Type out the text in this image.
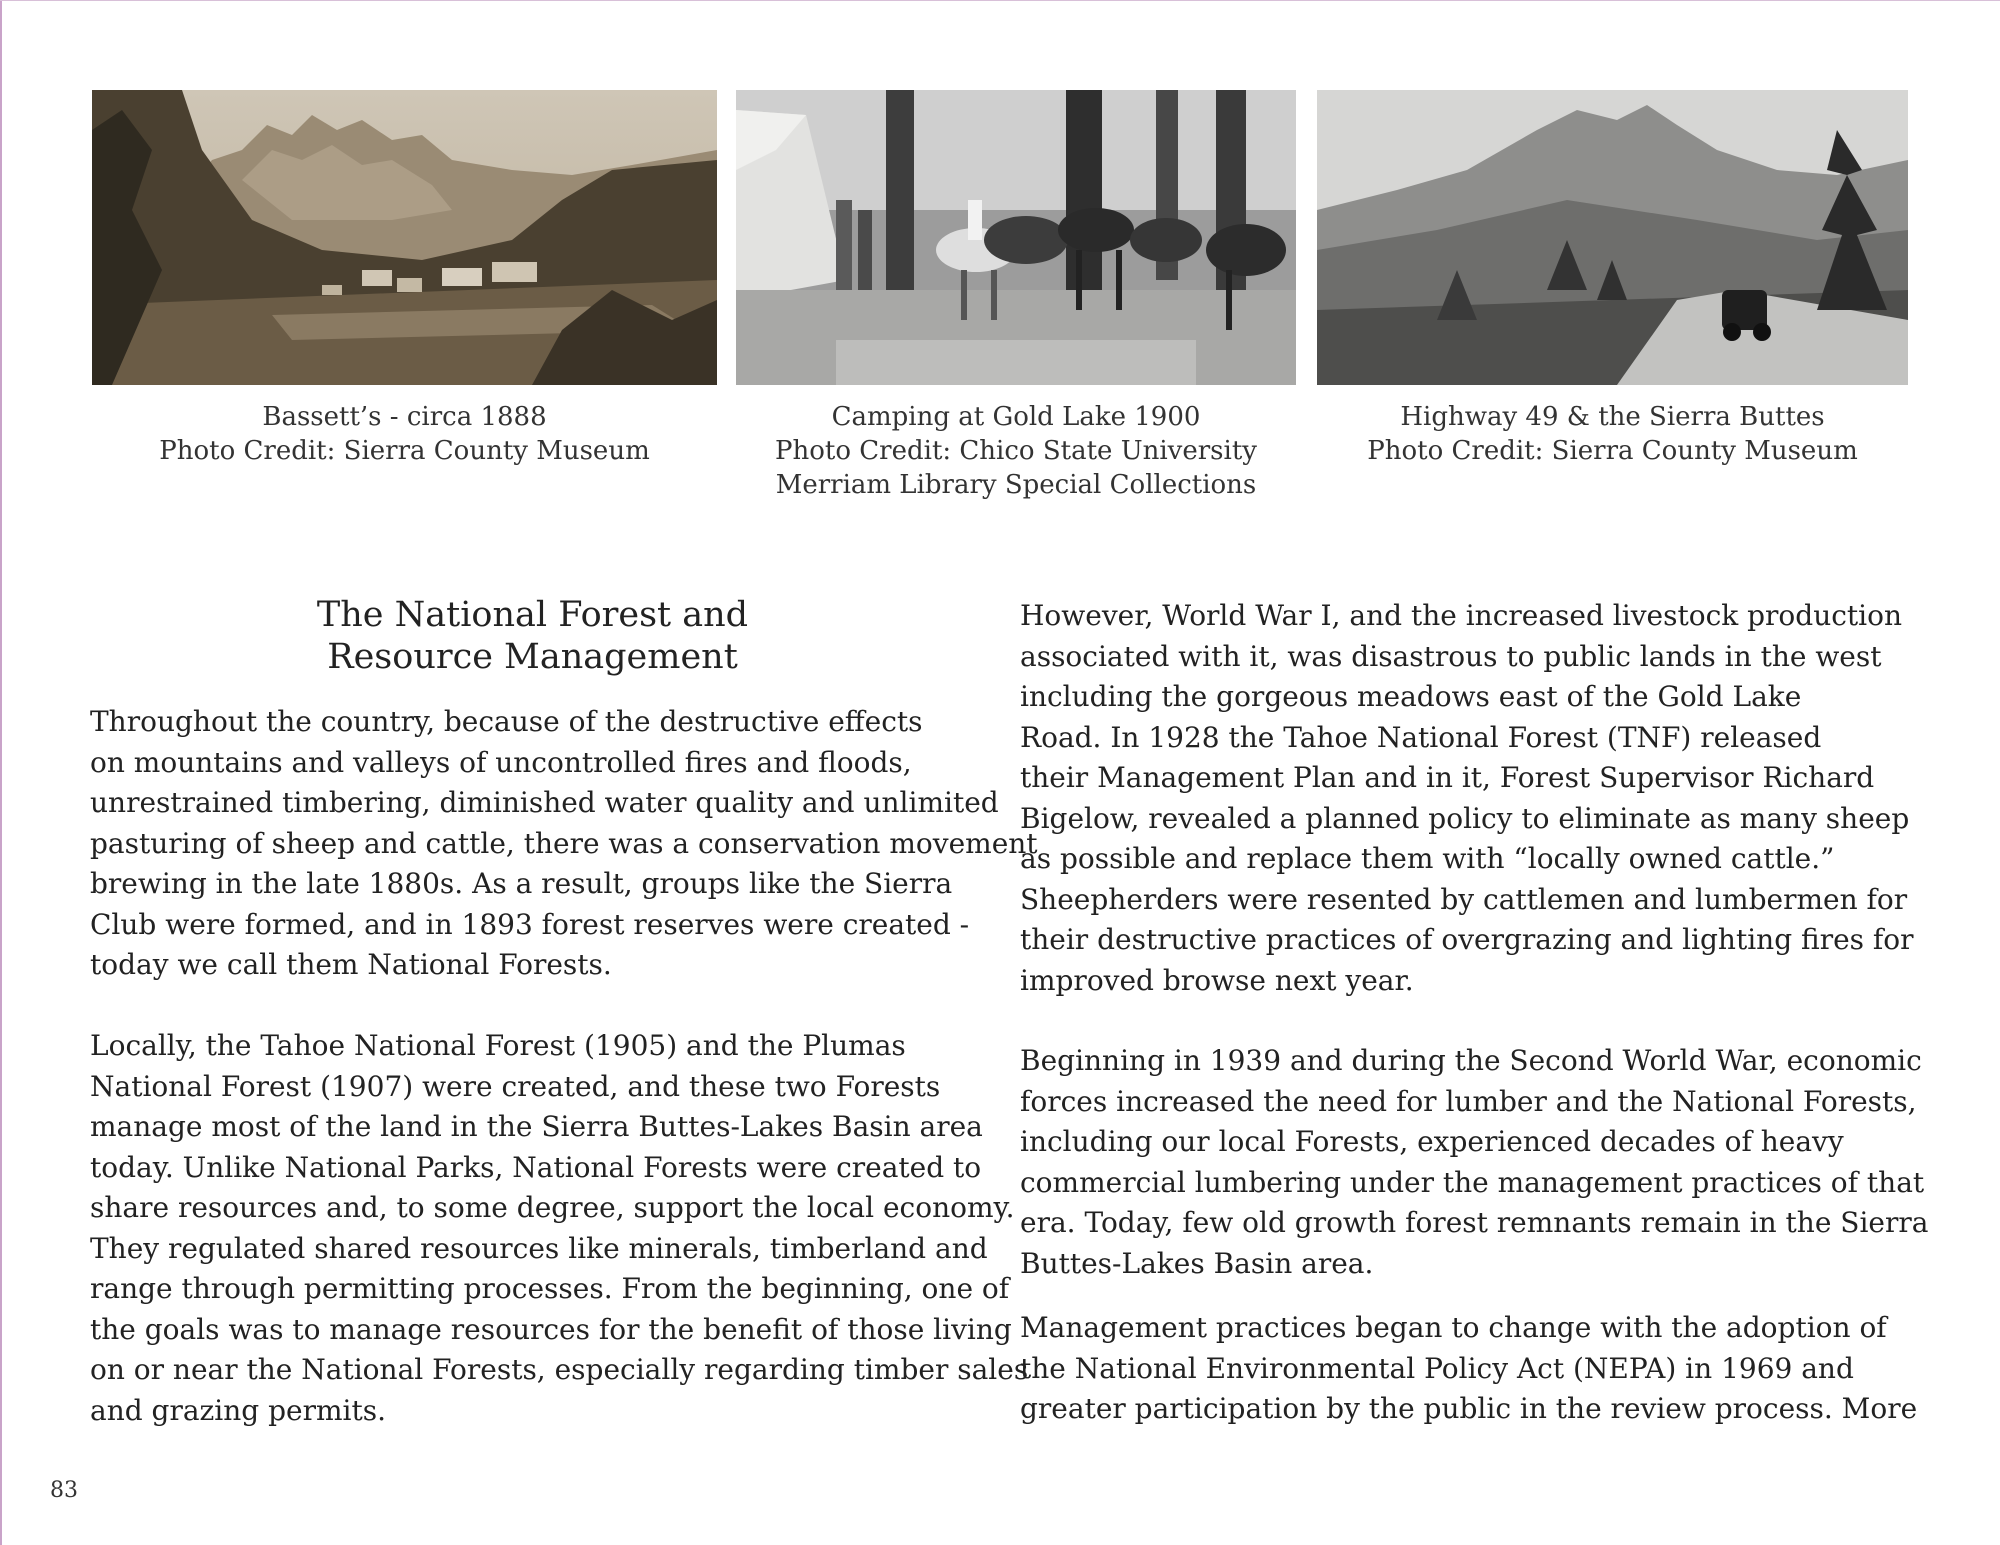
Bassett’s - circa 1888
Photo Credit: Sierra County Museum
Camping at Gold Lake 1900
Photo Credit: Chico State University
Merriam Library Special Collections
Highway 49 & the Sierra Buttes
Photo Credit: Sierra County Museum
The National Forest and
Resource Management
Throughout the country, because of the destructive effects
on mountains and valleys of uncontrolled fires and floods,
unrestrained timbering, diminished water quality and unlimited
pasturing of sheep and cattle, there was a conservation movement
brewing in the late 1880s. As a result, groups like the Sierra
Club were formed, and in 1893 forest reserves were created -
today we call them National Forests.
Locally, the Tahoe National Forest (1905) and the Plumas
National Forest (1907) were created, and these two Forests
manage most of the land in the Sierra Buttes-Lakes Basin area
today. Unlike National Parks, National Forests were created to
share resources and, to some degree, support the local economy.
They regulated shared resources like minerals, timberland and
range through permitting processes. From the beginning, one of
the goals was to manage resources for the benefit of those living
on or near the National Forests, especially regarding timber sales
and grazing permits.
However, World War I, and the increased livestock production
associated with it, was disastrous to public lands in the west
including the gorgeous meadows east of the Gold Lake
Road. In 1928 the Tahoe National Forest (TNF) released
their Management Plan and in it, Forest Supervisor Richard
Bigelow, revealed a planned policy to eliminate as many sheep
as possible and replace them with “locally owned cattle.”
Sheepherders were resented by cattlemen and lumbermen for
their destructive practices of overgrazing and lighting fires for
improved browse next year.
Beginning in 1939 and during the Second World War, economic
forces increased the need for lumber and the National Forests,
including our local Forests, experienced decades of heavy
commercial lumbering under the management practices of that
era. Today, few old growth forest remnants remain in the Sierra
Buttes-Lakes Basin area.
Management practices began to change with the adoption of
the National Environmental Policy Act (NEPA) in 1969 and
greater participation by the public in the review process. More
83
